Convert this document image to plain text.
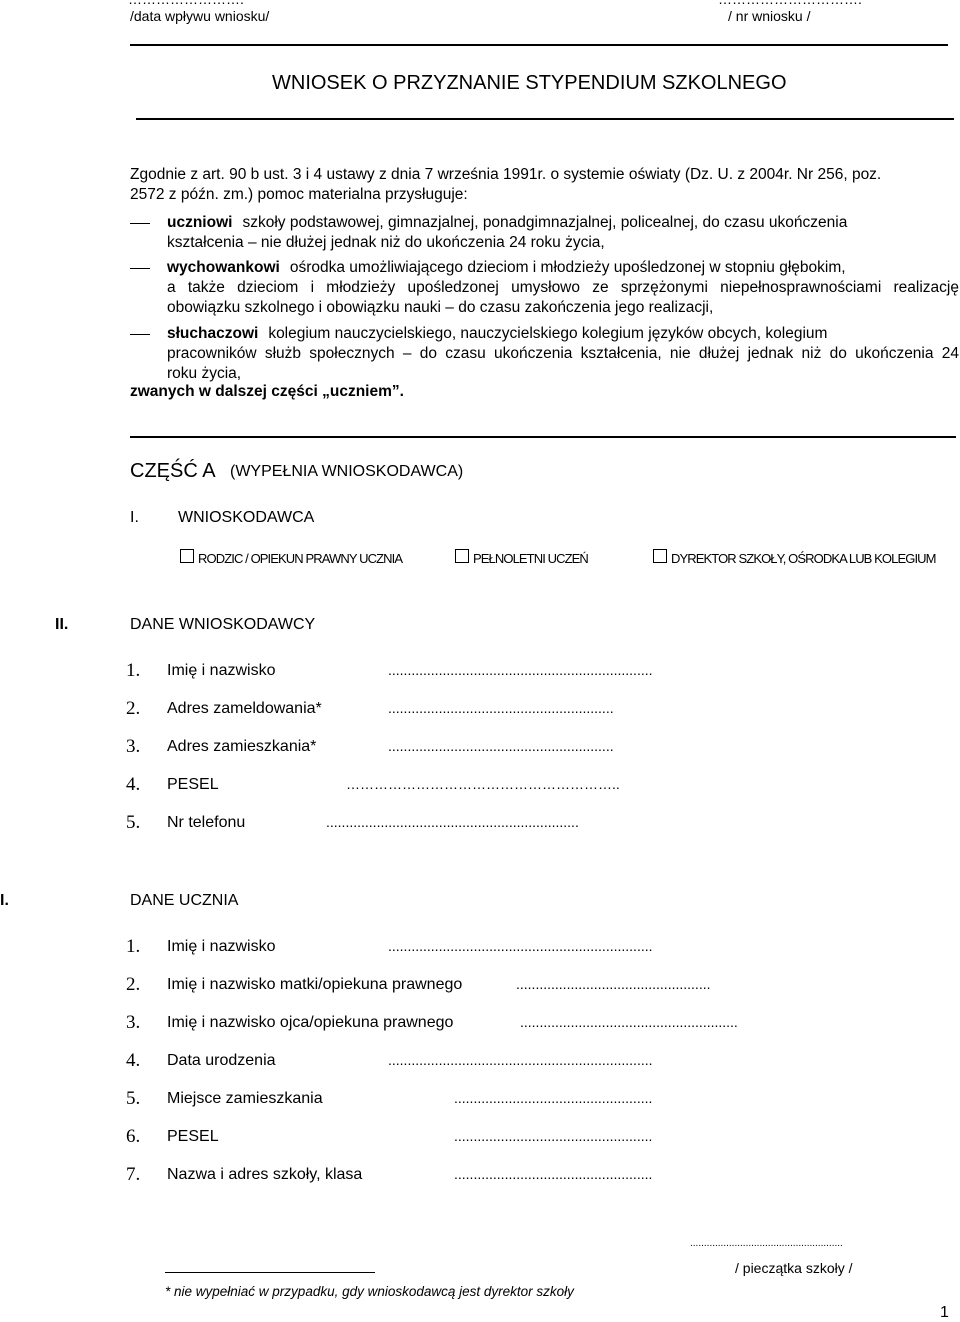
/data wpływu wniosku/	/ nr wniosku /
WNIOSEK O PRZYZNANIE STYPENDIUM SZKOLNEGO
Zgodnie z art. 90 b ust. 3 i 4 ustawy z dnia 7 września 1991r. o systemie oświaty (Dz. U. z 2004r. Nr 256, poz.
2572 z późn. zm.) pomoc materialna przysługuje:
uczniowi szkoły podstawowej, gimnazjalnej, ponadgimnazjalnej, policealnej, do czasu ukończenia
kształcenia – nie dłużej jednak niż do ukończenia 24 roku życia,
wychowankowi ośrodka umożliwiającego dzieciom i młodzieży upośledzonej w stopniu głębokim,
a także dzieciom i młodzieży upośledzonej umysłowo ze sprzężonymi niepełnosprawnościami realizację
obowiązku szkolnego i obowiązku nauki – do czasu zakończenia jego realizacji,
słuchaczowi kolegium nauczycielskiego, nauczycielskiego kolegium języków obcych, kolegium
pracowników służb społecznych – do czasu ukończenia kształcenia, nie dłużej jednak niż do ukończenia 24
roku życia,
zwanych w dalszej części „uczniem”.
CZĘŚĆ A (WYPEŁNIA WNIOSKODAWCA)
I. WNIOSKODAWCA
RODZIC / OPIEKUN PRAWNY UCZNIA	PEŁNOLETNI UCZEŃ	DYREKTOR SZKOŁY, OŚRODKA LUB KOLEGIUM
II.	DANE WNIOSKODAWCY
1. Imię i nazwisko	....................................................................
2. Adres zameldowania*	..........................................................
3. Adres zamieszkania*	..........................................................
4. PESEL	…………………………………………………..
5. Nr telefonu	.................................................................
I.	DANE UCZNIA
1. Imię i nazwisko	....................................................................
2. Imię i nazwisko matki/opiekuna prawnego	..................................................
3. Imię i nazwisko ojca/opiekuna prawnego	........................................................
4. Data urodzenia	....................................................................
5. Miejsce zamieszkania	...................................................
6. PESEL	...................................................
7. Nazwa i adres szkoły, klasa	...................................................
.......................................................
/ pieczątka szkoły /
* nie wypełniać w przypadku, gdy wnioskodawcą jest dyrektor szkoły
1
